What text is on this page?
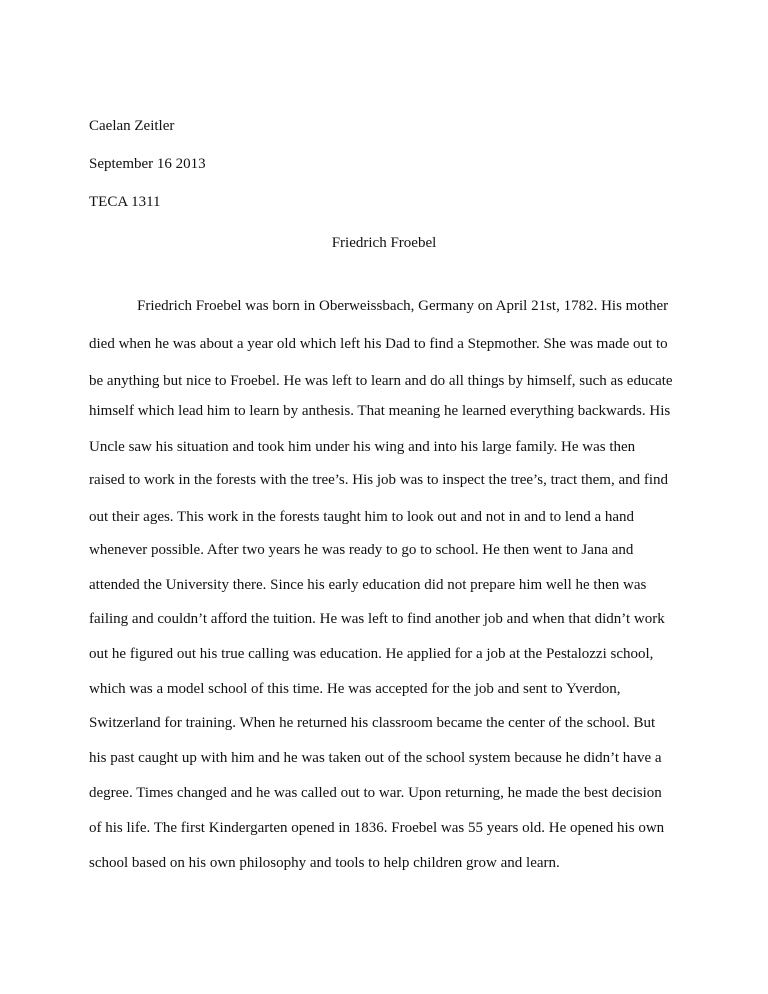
Caelan Zeitler
September 16 2013
TECA 1311
Friedrich Froebel
Friedrich Froebel was born in Oberweissbach, Germany on April 21st, 1782. His mother
died when he was about a year old which left his Dad to find a Stepmother. She was made out to
be anything but nice to Froebel. He was left to learn and do all things by himself, such as educate
himself which lead him to learn by anthesis. That meaning he learned everything backwards. His
Uncle saw his situation and took him under his wing and into his large family. He was then
raised to work in the forests with the tree’s. His job was to inspect the tree’s, tract them, and find
out their ages. This work in the forests taught him to look out and not in and to lend a hand
whenever possible. After two years he was ready to go to school. He then went to Jana and
attended the University there. Since his early education did not prepare him well he then was
failing and couldn’t afford the tuition. He was left to find another job and when that didn’t work
out he figured out his true calling was education. He applied for a job at the Pestalozzi school,
which was a model school of this time. He was accepted for the job and sent to Yverdon,
Switzerland for training. When he returned his classroom became the center of the school. But
his past caught up with him and he was taken out of the school system because he didn’t have a
degree. Times changed and he was called out to war. Upon returning, he made the best decision
of his life. The first Kindergarten opened in 1836. Froebel was 55 years old. He opened his own
school based on his own philosophy and tools to help children grow and learn.
